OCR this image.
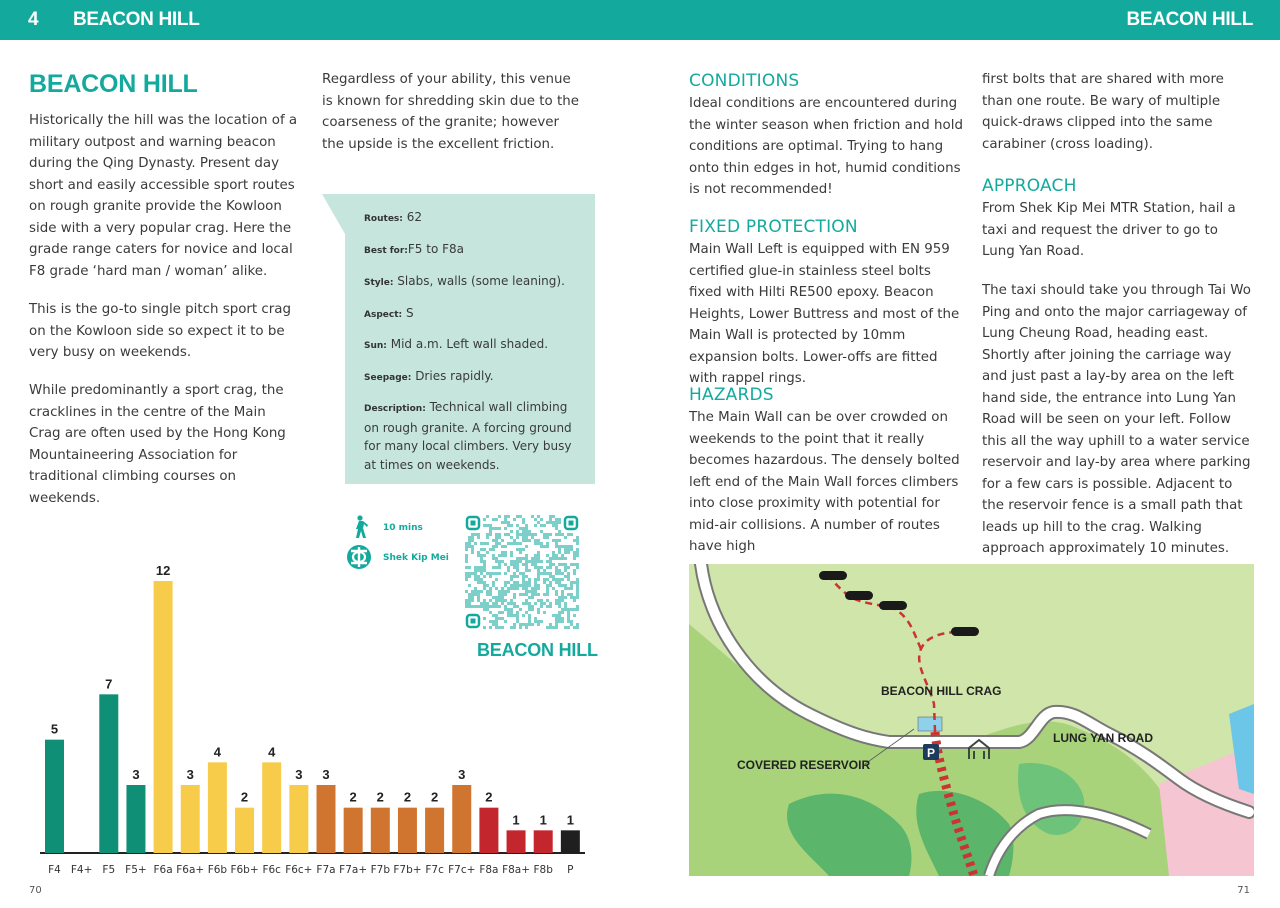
4 BEACON HILL	BEACON HILL
BEACON HILL

Historically the hill was the location of a military outpost and warning beacon during the Qing Dynasty. Present day short and easily accessible sport routes on rough granite provide the Kowloon side with a very popular crag. Here the grade range caters for novice and local F8 grade ‘hard man / woman’ alike.

This is the go-to single pitch sport crag on the Kowloon side so expect it to be very busy on weekends.

While predominantly a sport crag, the cracklines in the centre of the Main Crag are often used by the Hong Kong Mountaineering Association for traditional climbing courses on weekends.

Regardless of your ability, this venue is known for shredding skin due to the coarseness of the granite; however the upside is the excellent friction.

Routes: 62
Best for:F5 to F8a
Style: Slabs, walls (some leaning).
Aspect: S
Sun: Mid a.m. Left wall shaded.
Seepage: Dries rapidly.
Description: Technical wall climbing on rough granite. A forcing ground for many local climbers. Very busy at times on weekends.
10 mins
Shek Kip Mei
BEACON HILL
5
F4 F4+
7
F5
3
F5+
12
F6a
3
F6a+
4
F6b
2
F6b+
4
F6c
3
F6c+
3
F7a
2
F7a+
2
F7b
2
F7b+
2
F7c
3
F7c+
2
F8a
1
F8a+
1
F8b
1
P
70
CONDITIONS

Ideal conditions are encountered during the winter season when friction and hold conditions are optimal. Trying to hang onto thin edges in hot, humid conditions is not recommended!

FIXED PROTECTION

Main Wall Left is equipped with EN 959 certified glue-in stainless steel bolts fixed with Hilti RE500 epoxy. Beacon Heights, Lower Buttress and most of the Main Wall is protected by 10mm expansion bolts. Lower-offs are fitted with rappel rings.

HAZARDS

The Main Wall can be over crowded on weekends to the point that it really becomes hazardous. The densely bolted left end of the Main Wall forces climbers into close proximity with potential for mid-air collisions. A number of routes have high

first bolts that are shared with more than one route. Be wary of multiple quick-draws clipped into the same carabiner (cross loading).

APPROACH

From Shek Kip Mei MTR Station, hail a taxi and request the driver to go to Lung Yan Road.

The taxi should take you through Tai Wo Ping and onto the major carriageway of Lung Cheung Road, heading east. Shortly after joining the carriage way and just past a lay-by area on the left hand side, the entrance into Lung Yan Road will be seen on your left. Follow this all the way uphill to a water service reservoir and lay-by area where parking for a few cars is possible. Adjacent to the reservoir fence is a small path that leads up hill to the crag. Walking approach approximately 10 minutes.

P
BEACON HILL CRAG
LUNG YAN ROAD
COVERED RESERVOIR
71
